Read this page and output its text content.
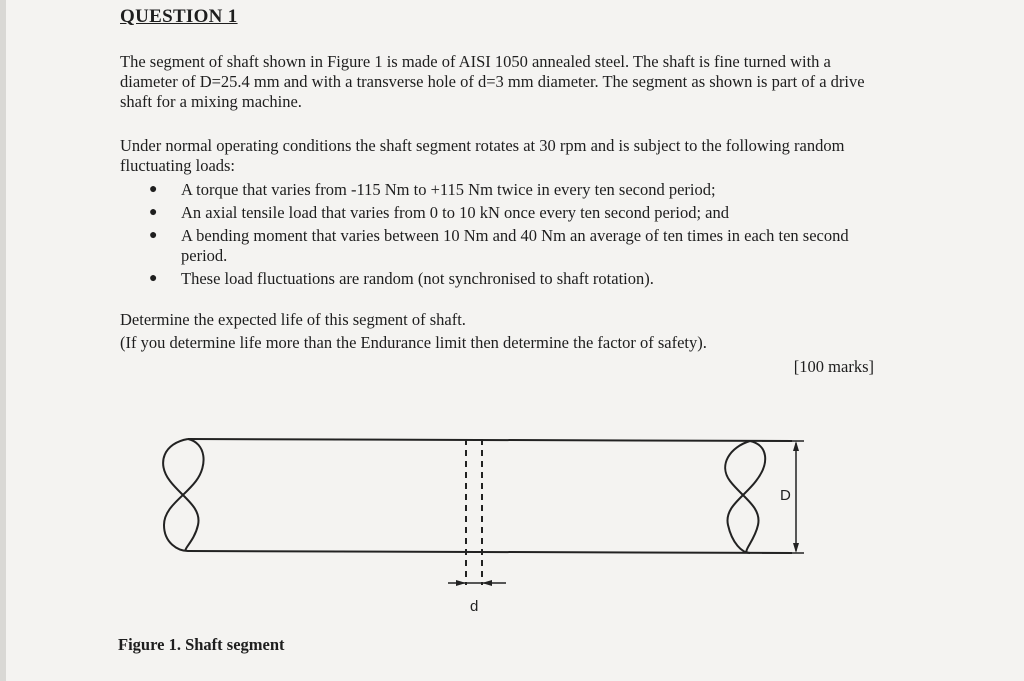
QUESTION 1

The segment of shaft shown in Figure 1 is made of AISI 1050 annealed steel. The shaft is fine turned with a diameter of D=25.4 mm and with a transverse hole of d=3 mm diameter. The segment as shown is part of a drive shaft for a mixing machine.

Under normal operating conditions the shaft segment rotates at 30 rpm and is subject to the following random fluctuating loads:

● A torque that varies from -115 Nm to +115 Nm twice in every ten second period;
● An axial tensile load that varies from 0 to 10 kN once every ten second period; and
● A bending moment that varies between 10 Nm and 40 Nm an average of ten times in each ten second period.
● These load fluctuations are random (not synchronised to shaft rotation).

Determine the expected life of this segment of shaft.

(If you determine life more than the Endurance limit then determine the factor of safety).

[100 marks]
D
d
Figure 1. Shaft segment
